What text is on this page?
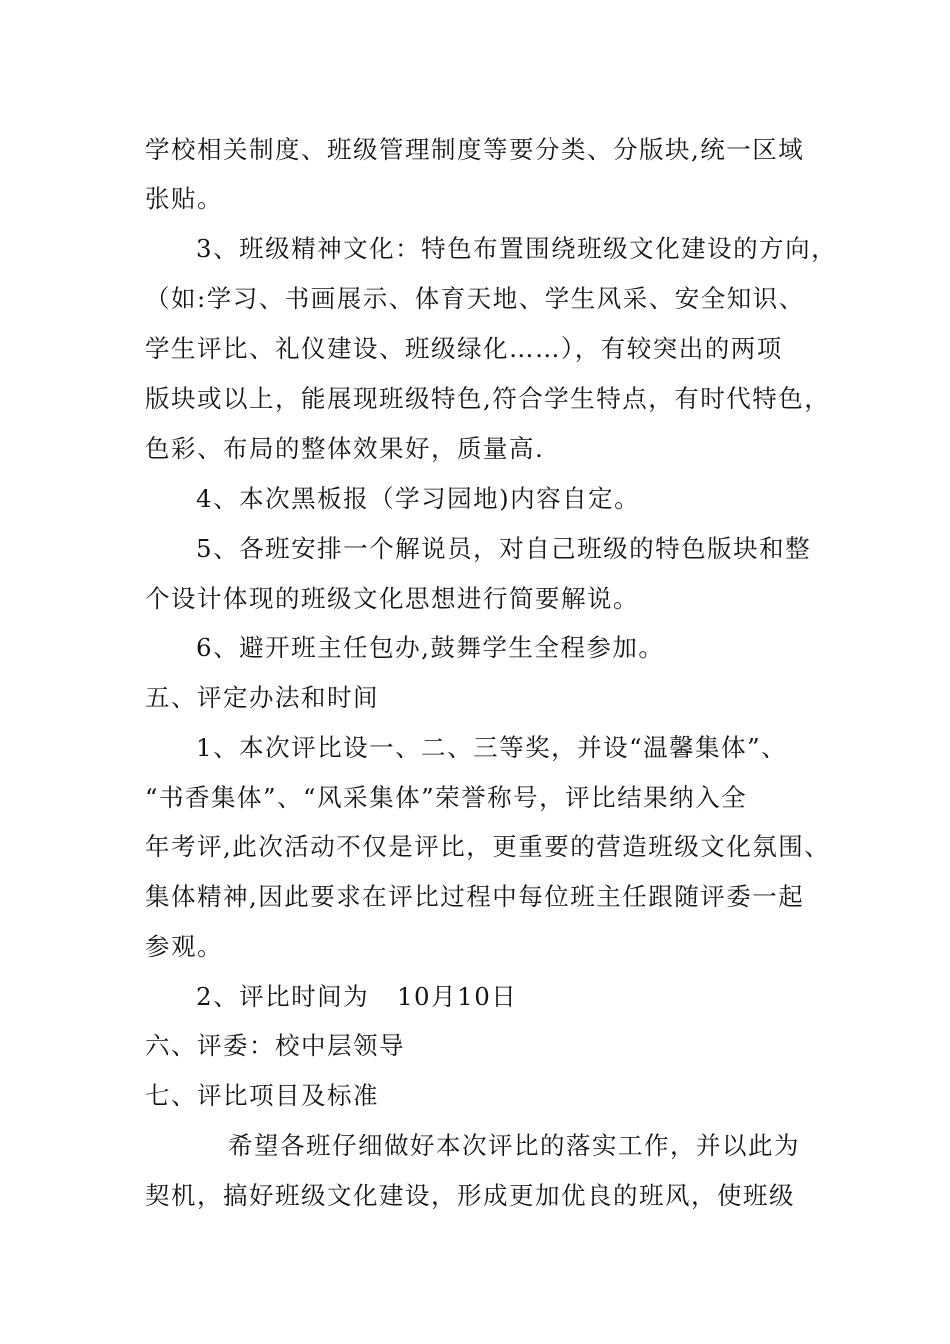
学校相关制度、班级管理制度等要分类、分版块,统一区域
张贴。
3、班级精神文化：特色布置围绕班级文化建设的方向，
（如:学习、书画展示、体育天地、学生风采、安全知识、
学生评比、礼仪建设、班级绿化……），有较突出的两项
版块或以上，能展现班级特色,符合学生特点，有时代特色，
色彩、布局的整体效果好，质量高.
4、本次黑板报（学习园地)内容自定。
5、各班安排一个解说员，对自己班级的特色版块和整
个设计体现的班级文化思想进行简要解说。
6、避开班主任包办,鼓舞学生全程参加。
五、评定办法和时间
1、本次评比设一、二、三等奖，并设“温馨集体”、
“书香集体”、“风采集体”荣誉称号，评比结果纳入全
年考评,此次活动不仅是评比，更重要的营造班级文化氛围、
集体精神,因此要求在评比过程中每位班主任跟随评委一起
参观。
2、评比时间为   10月10日
六、评委：校中层领导
七、评比项目及标准
希望各班仔细做好本次评比的落实工作，并以此为
契机，搞好班级文化建设，形成更加优良的班风，使班级
